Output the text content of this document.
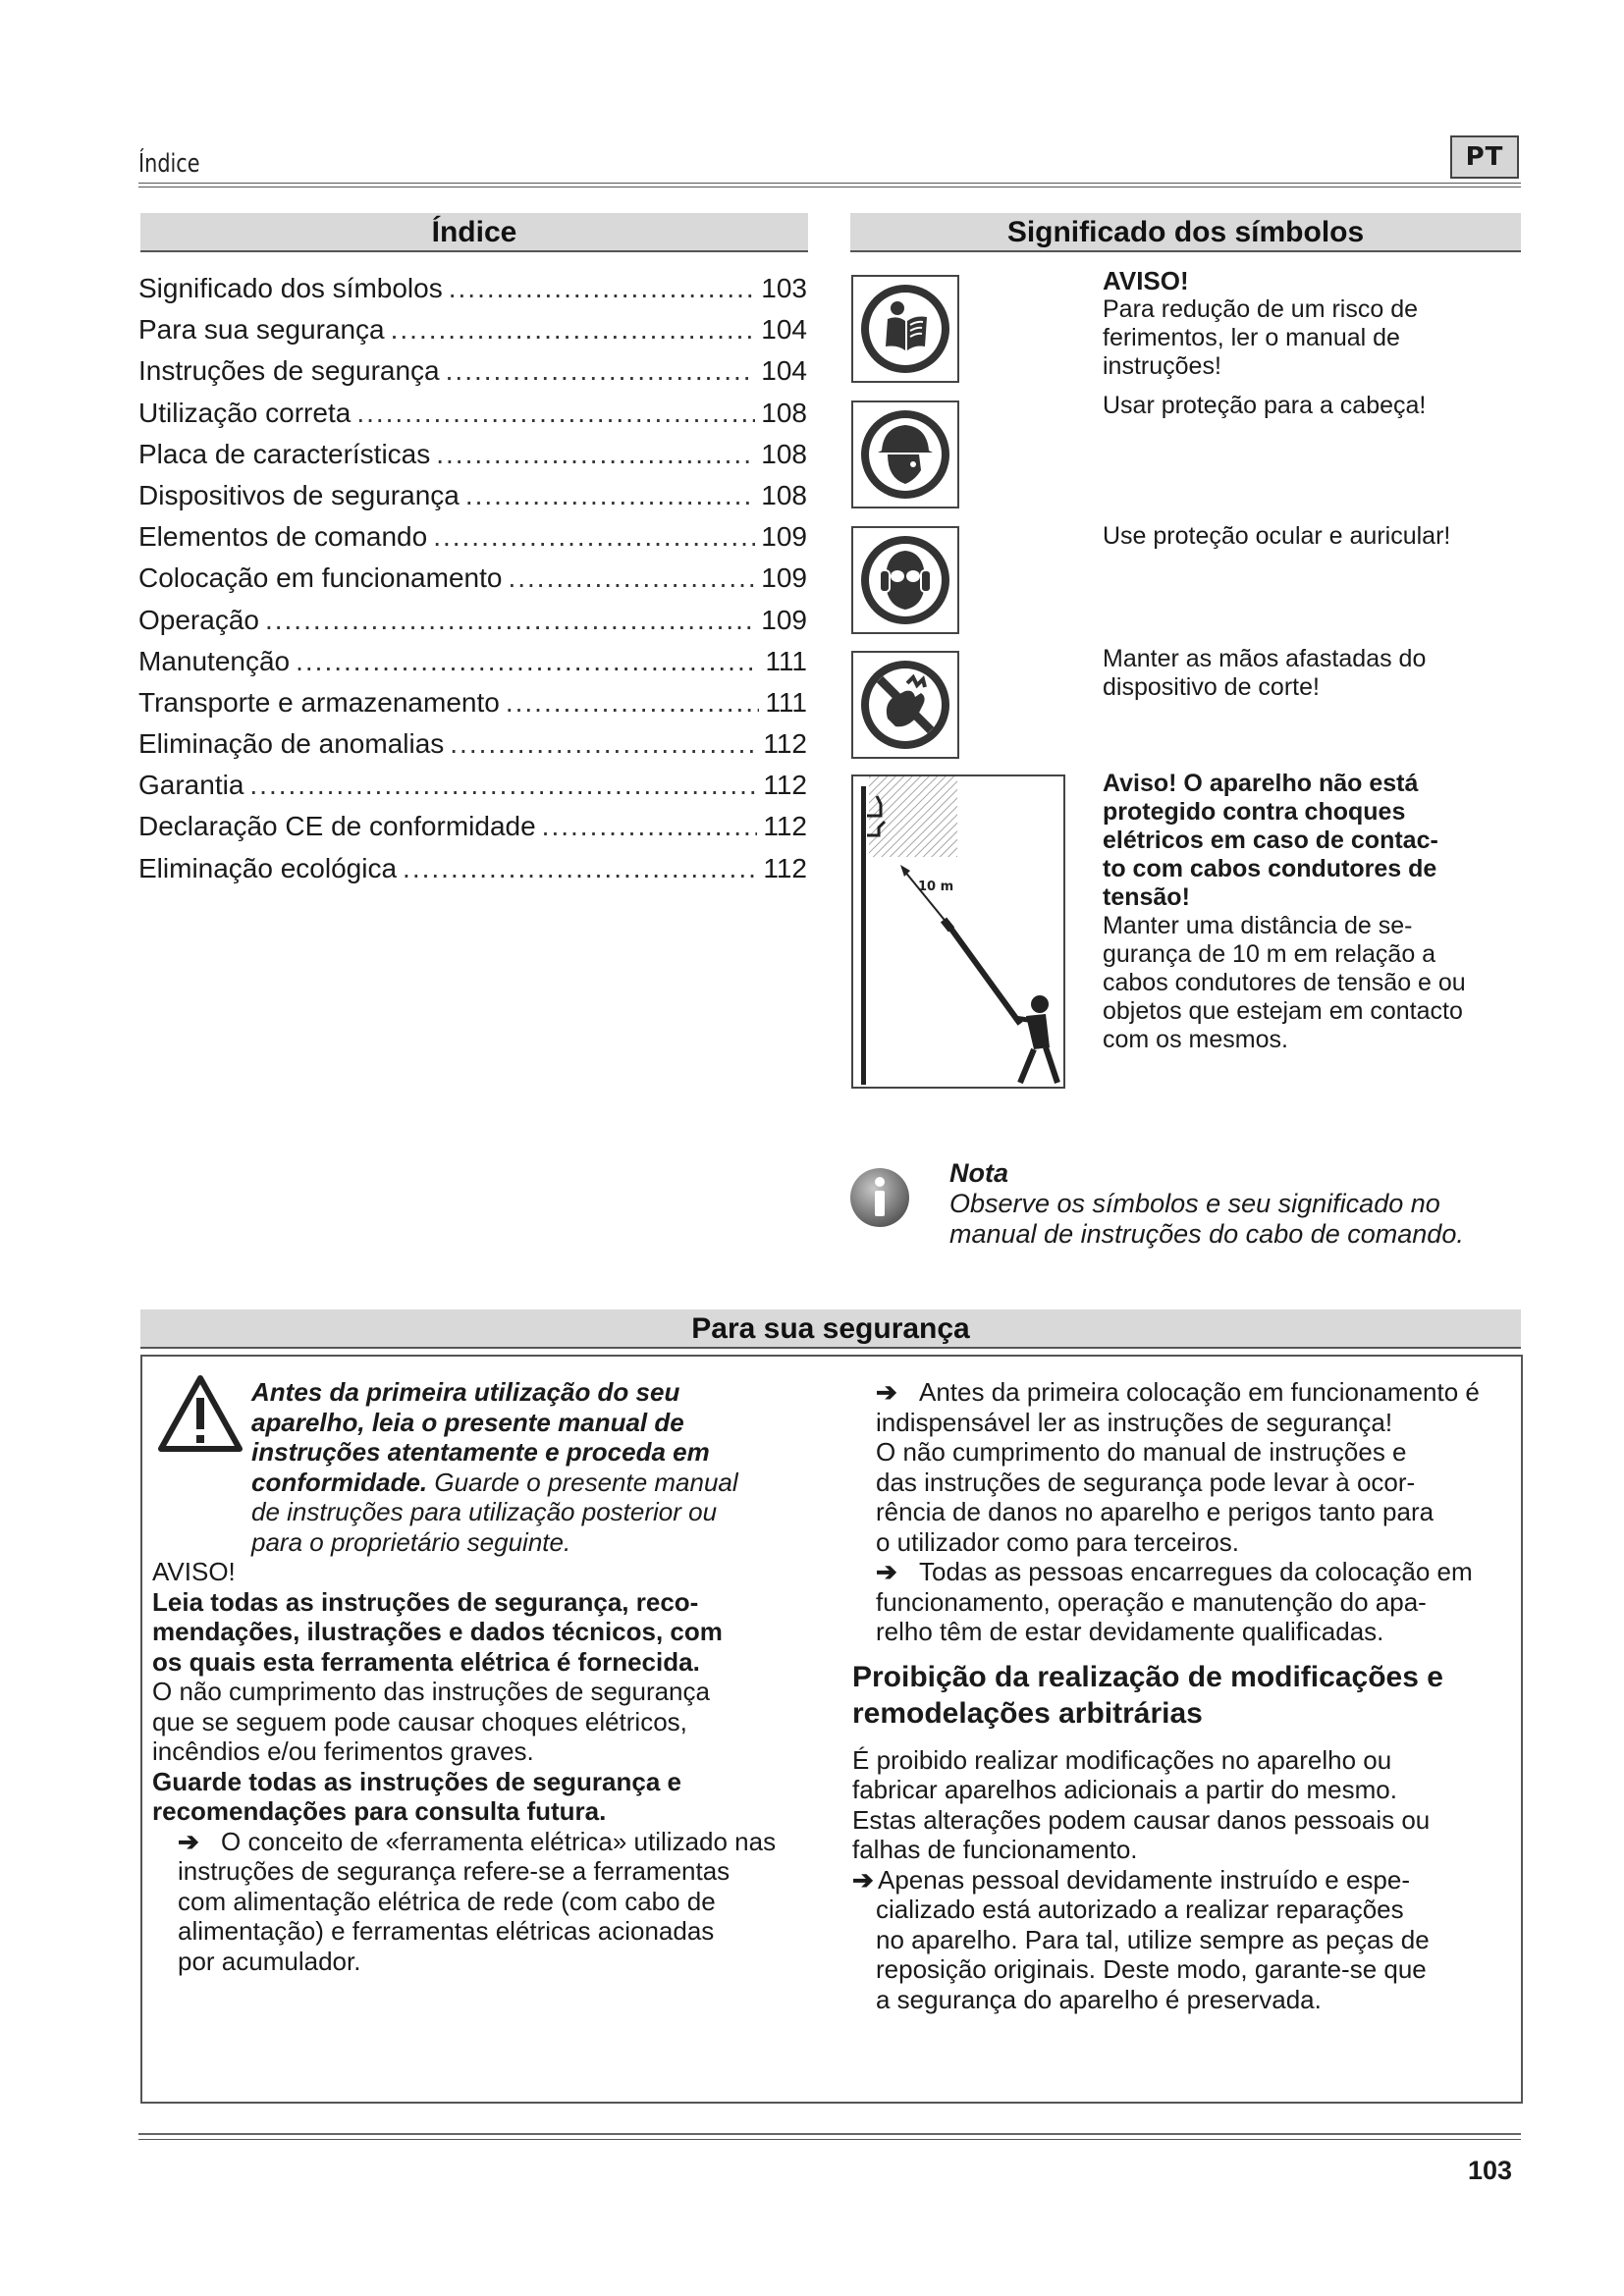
Índice	PT
Índice
Significado dos símbolos .....	103
Para sua segurança .....	104
Instruções de segurança .....	104
Utilização correta .....	108
Placa de características .....	108
Dispositivos de segurança .....	108
Elementos de comando .....	109
Colocação em funcionamento .....	109
Operação .....	109
Manutenção .....	111
Transporte e armazenamento .....	111
Eliminação de anomalias .....	112
Garantia .....	112
Declaração CE de conformidade .....	112
Eliminação ecológica .....	112
Significado dos símbolos
10 m
AVISO!
Para redução de um risco de
ferimentos, ler o manual de
instruções!
Usar proteção para a cabeça!
Use proteção ocular e auricular!
Manter as mãos afastadas do
dispositivo de corte!
Aviso! O aparelho não está
protegido contra choques
elétricos em caso de contac-
to com cabos condutores de
tensão!
Manter uma distância de se-
gurança de 10 m em relação a
cabos condutores de tensão e ou
objetos que estejam em contacto
com os mesmos.
Nota
Observe os símbolos e seu significado no
manual de instruções do cabo de comando.
Para sua segurança

Antes da primeira utilização do seu

aparelho, leia o presente manual de

instruções atentamente e proceda em

conformidade. Guarde o presente manual

de instruções para utilização posterior ou

para o proprietário seguinte.

AVISO!

Leia todas as instruções de segurança, reco-

mendações, ilustrações e dados técnicos, com

os quais esta ferramenta elétrica é fornecida.

O não cumprimento das instruções de segurança

que se seguem pode causar choques elétricos,

incêndios e/ou ferimentos graves.

Guarde todas as instruções de segurança e

recomendações para consulta futura.

➔ O conceito de «ferramenta elétrica» utilizado nas

instruções de segurança refere-se a ferramentas

com alimentação elétrica de rede (com cabo de

alimentação) e ferramentas elétricas acionadas

por acumulador.

➔ Antes da primeira colocação em funcionamento é

indispensável ler as instruções de segurança!

O não cumprimento do manual de instruções e

das instruções de segurança pode levar à ocor-

rência de danos no aparelho e perigos tanto para

o utilizador como para terceiros.

➔ Todas as pessoas encarregues da colocação em

funcionamento, operação e manutenção do apa-

relho têm de estar devidamente qualificadas.

Proibição da realização de modificações e

remodelações arbitrárias

É proibido realizar modificações no aparelho ou

fabricar aparelhos adicionais a partir do mesmo.

Estas alterações podem causar danos pessoais ou

falhas de funcionamento.

➔ Apenas pessoal devidamente instruído e espe-

cializado está autorizado a realizar reparações

no aparelho. Para tal, utilize sempre as peças de

reposição originais. Deste modo, garante-se que

a segurança do aparelho é preservada.

103
